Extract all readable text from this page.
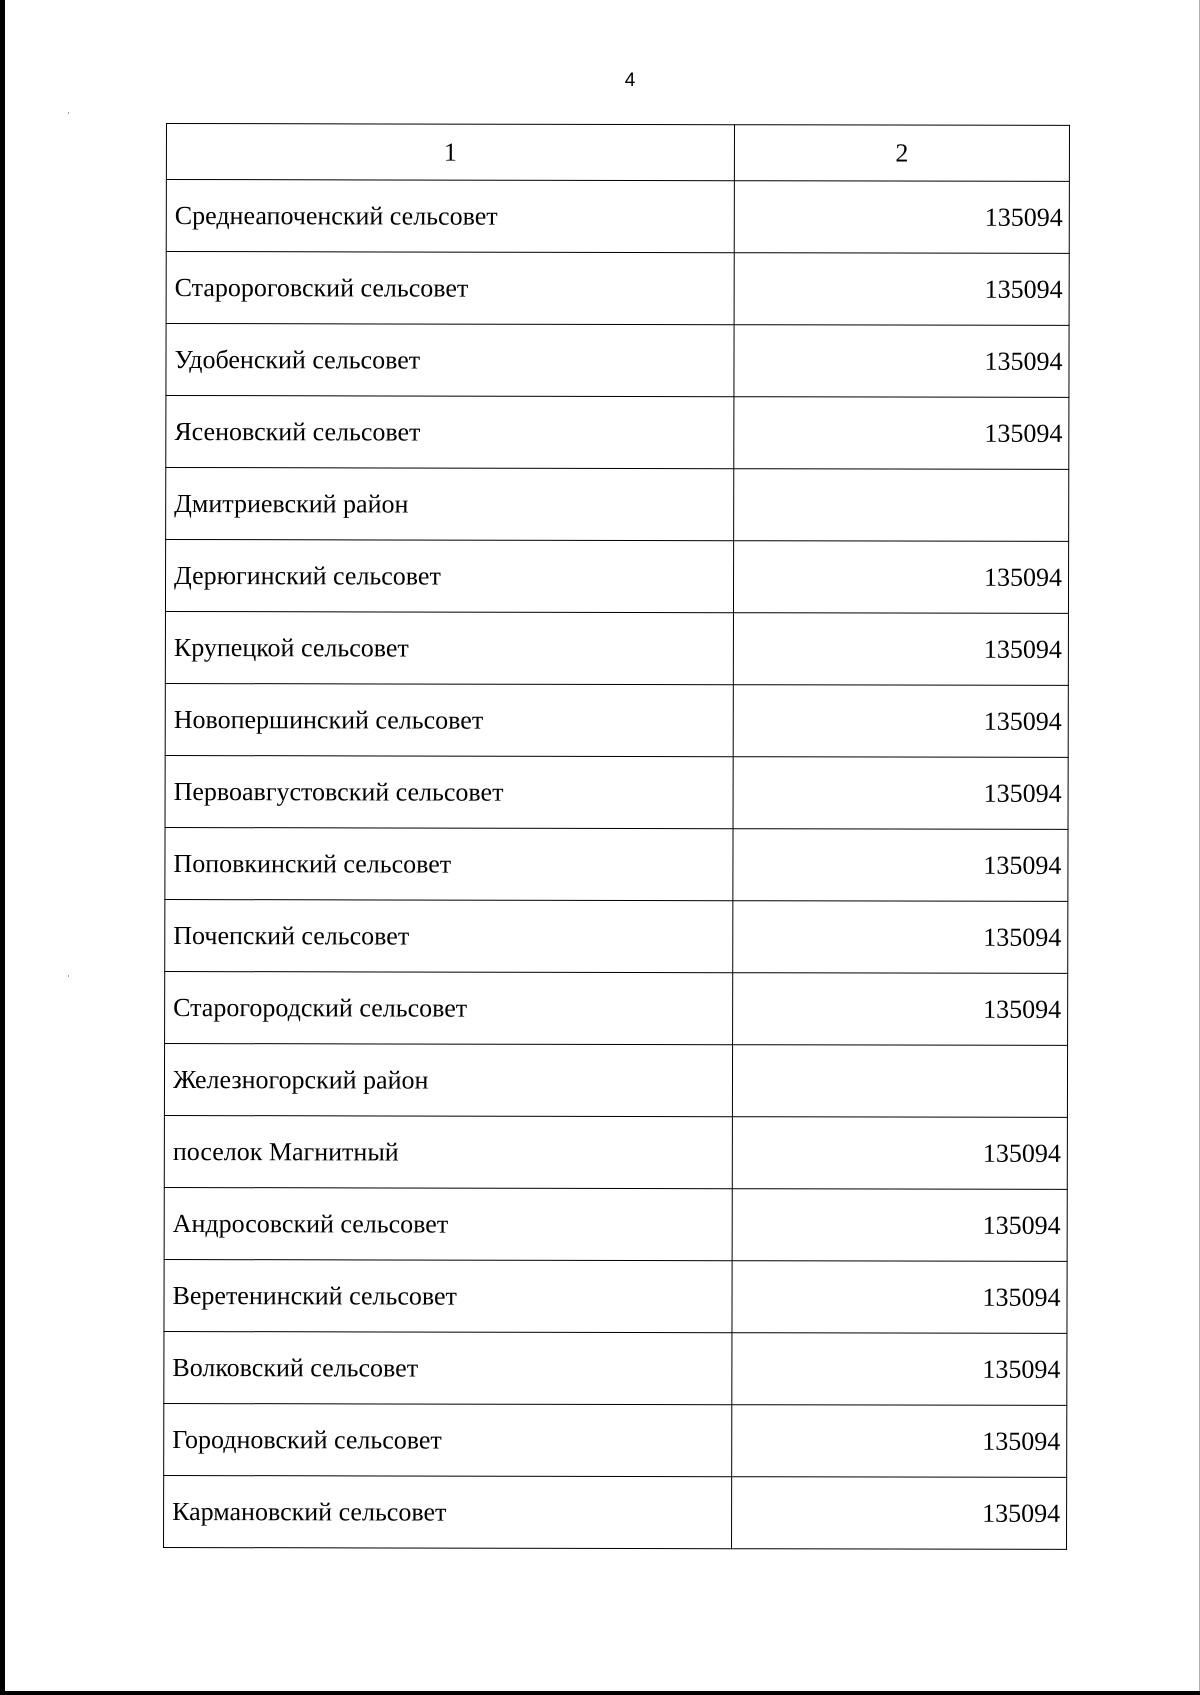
4
1	2
Среднеапоченский сельсовет	135094
Старороговский сельсовет	135094
Удобенский сельсовет	135094
Ясеновский сельсовет	135094
Дмитриевский район	
Дерюгинский сельсовет	135094
Крупецкой сельсовет	135094
Новопершинский сельсовет	135094
Первоавгустовский сельсовет	135094
Поповкинский сельсовет	135094
Почепский сельсовет	135094
Старогородский сельсовет	135094
Железногорский район	
поселок Магнитный	135094
Андросовский сельсовет	135094
Веретенинский сельсовет	135094
Волковский сельсовет	135094
Городновский сельсовет	135094
Кармановский сельсовет	135094
